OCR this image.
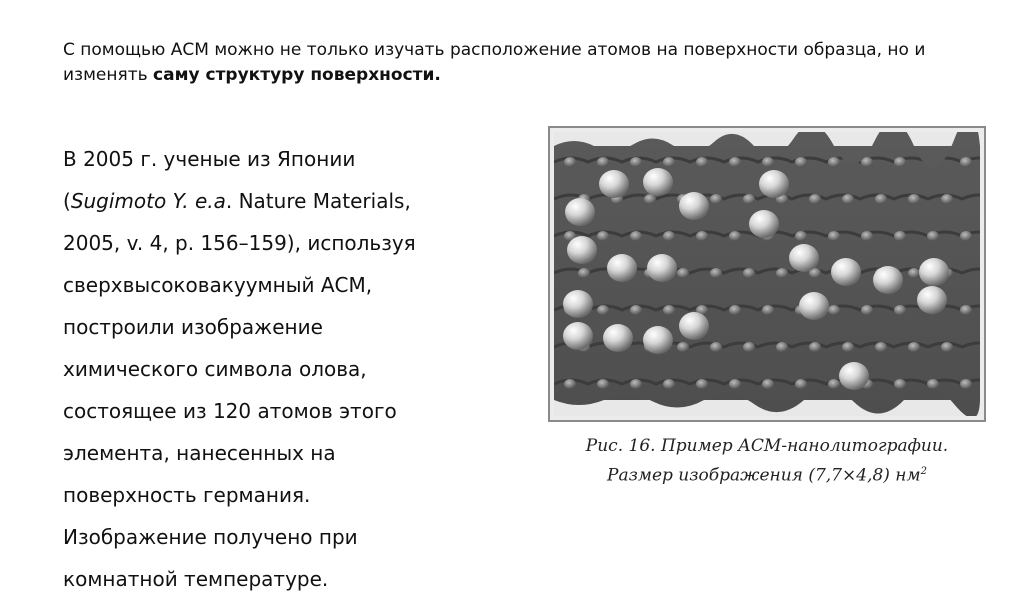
С помощью АСМ можно не только изучать расположение атомов на поверхности образца, но и изменять саму структуру поверхности.
В 2005 г. ученые из Японии
(Sugimoto Y. e.a. Nature Materials,
2005, v. 4, p. 156–159), используя
сверхвысоковакуумный АСМ,
построили изображение
химического символа олова,
состоящее из 120 атомов этого
элемента, нанесенных на
поверхность германия.
Изображение получено при
комнатной температуре.
Рис. 16. Пример АСМ-нанолитографии.
Размер изображения (7,7×4,8) $нм^2$
